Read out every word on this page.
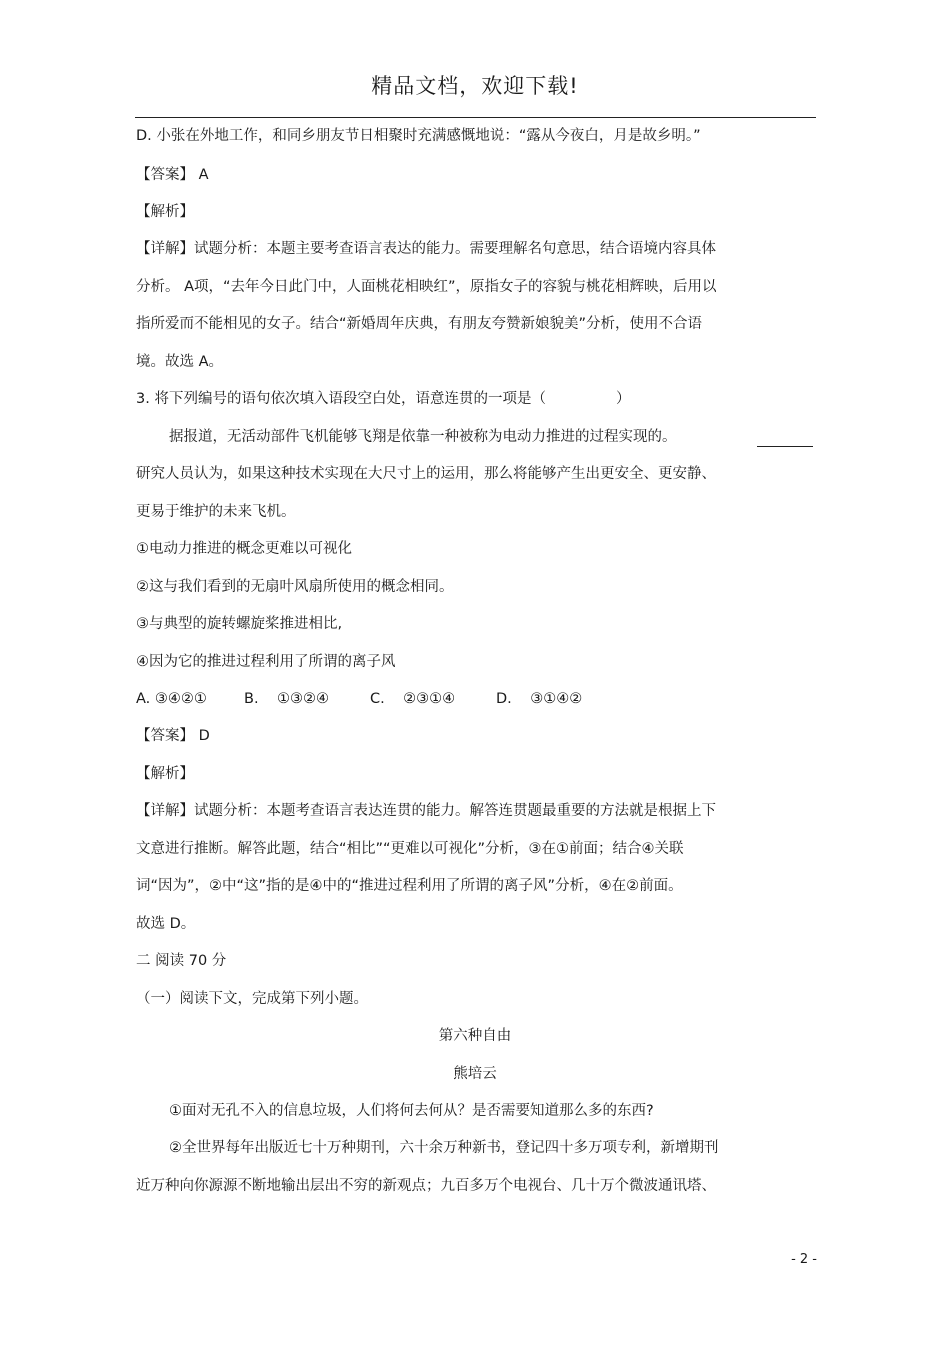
精品文档，欢迎下载!
D. 小张在外地工作，和同乡朋友节日相聚时充满感慨地说：“露从今夜白，月是故乡明。”
【答案】 A
【解析】
【详解】试题分析：本题主要考查语言表达的能力。需要理解名句意思，结合语境内容具体
分析。 A项，“去年今日此门中，人面桃花相映红”，原指女子的容貌与桃花相辉映，后用以
指所爱而不能相见的女子。结合“新婚周年庆典，有朋友夸赞新娘貌美”分析，使用不合语
境。故选 A。
3. 将下列编号的语句依次填入语段空白处，语意连贯的一项是（	）
据报道，无活动部件飞机能够飞翔是依靠一种被称为电动力推进的过程实现的。
研究人员认为，如果这种技术实现在大尺寸上的运用，那么将能够产生出更安全、更安静、
更易于维护的未来飞机。
①电动力推进的概念更难以可视化
②这与我们看到的无扇叶风扇所使用的概念相同。
③与典型的旋转螺旋桨推进相比,
④因为它的推进过程利用了所谓的离子风
A. ③④②①	B. ①③②④	C. ②③①④	D. ③①④②
【答案】 D
【解析】
【详解】试题分析：本题考查语言表达连贯的能力。解答连贯题最重要的方法就是根据上下
文意进行推断。解答此题，结合“相比”“更难以可视化”分析，③在①前面；结合④关联
词“因为”，②中“这”指的是④中的“推进过程利用了所谓的离子风”分析，④在②前面。
故选 D。
二 阅读 70 分
（一）阅读下文，完成第下列小题。
第六种自由
熊培云
①面对无孔不入的信息垃圾，人们将何去何从？是否需要知道那么多的东西?
②全世界每年出版近七十万种期刊，六十余万种新书，登记四十多万项专利，新增期刊
近万种向你源源不断地输出层出不穷的新观点；九百多万个电视台、几十万个微波通讯塔、
- 2 -
